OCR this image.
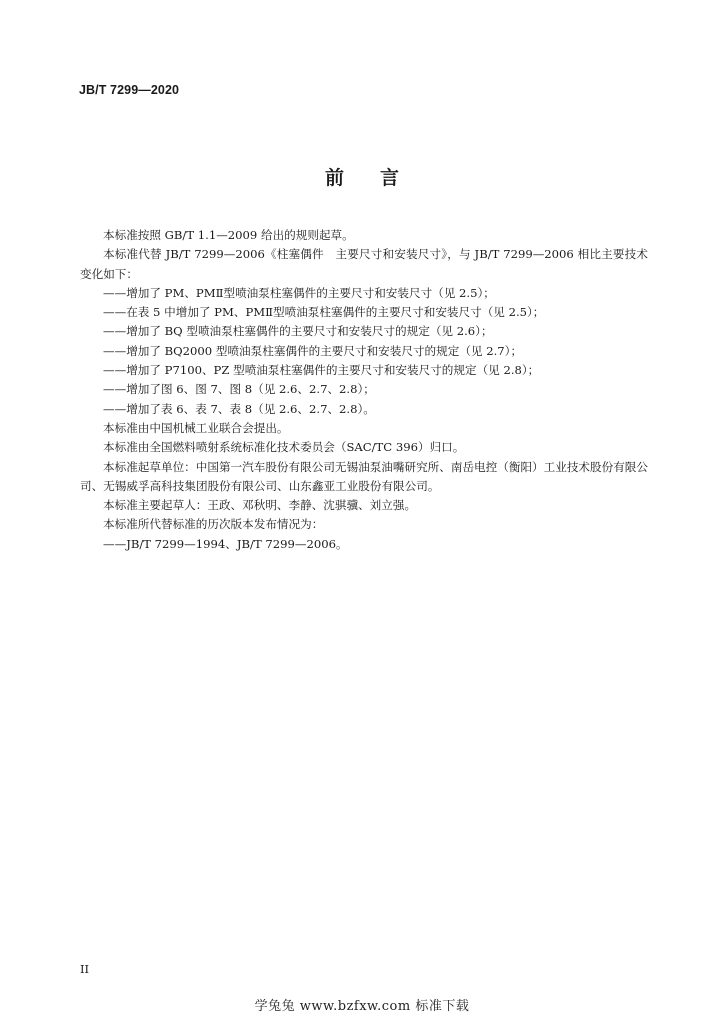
JB/T 7299—2020
前言

本标准按照 GB/T 1.1—2009 给出的规则起草。

本标准代替 JB/T 7299—2006《柱塞偶件　主要尺寸和安装尺寸》，与 JB/T 7299—2006 相比主要技术变化如下：

——增加了 PM、PMⅡ型喷油泵柱塞偶件的主要尺寸和安装尺寸（见 2.5）；

——在表 5 中增加了 PM、PMⅡ型喷油泵柱塞偶件的主要尺寸和安装尺寸（见 2.5）；

——增加了 BQ 型喷油泵柱塞偶件的主要尺寸和安装尺寸的规定（见 2.6）；

——增加了 BQ2000 型喷油泵柱塞偶件的主要尺寸和安装尺寸的规定（见 2.7）；

——增加了 P7100、PZ 型喷油泵柱塞偶件的主要尺寸和安装尺寸的规定（见 2.8）；

——增加了图 6、图 7、图 8（见 2.6、2.7、2.8）；

——增加了表 6、表 7、表 8（见 2.6、2.7、2.8）。

本标准由中国机械工业联合会提出。

本标准由全国燃料喷射系统标准化技术委员会（SAC/TC 396）归口。

本标准起草单位：中国第一汽车股份有限公司无锡油泵油嘴研究所、南岳电控（衡阳）工业技术股份有限公司、无锡威孚高科技集团股份有限公司、山东鑫亚工业股份有限公司。

本标准主要起草人：王政、邓秋明、李静、沈骐骥、刘立强。

本标准所代替标准的历次版本发布情况为：

——JB/T 7299—1994、JB/T 7299—2006。

II
学兔兔 www.bzfxw.com 标准下载
